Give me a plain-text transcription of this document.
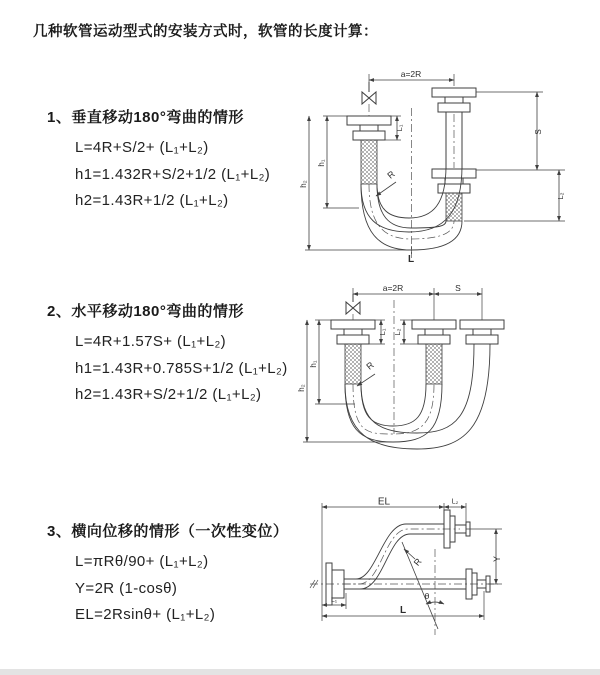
几种软管运动型式的安装方式时，软管的长度计算：
1、垂直移动180°弯曲的情形
L=4R+S/2+ (L₁+L₂)
h1=1.432R+S/2+1/2 (L₁+L₂)
h2=1.43R+1/2 (L₁+L₂)
2、水平移动180°弯曲的情形
L=4R+1.57S+ (L₁+L₂)
h1=1.43R+0.785S+1/2 (L₁+L₂)
h2=1.43R+S/2+1/2 (L₁+L₂)
3、横向位移的情形（一次性变位）
L=πRθ/90+ (L₁+L₂)
Y=2R (1-cosθ)
EL=2Rsinθ+ (L₁+L₂)
a=2R
h₁
h₂
L₁
S
L₂
R
L
a=2R	S
h₁
h₂
L₁ L₂
R
EL	L₂
Y
R
θ
L
L₁
